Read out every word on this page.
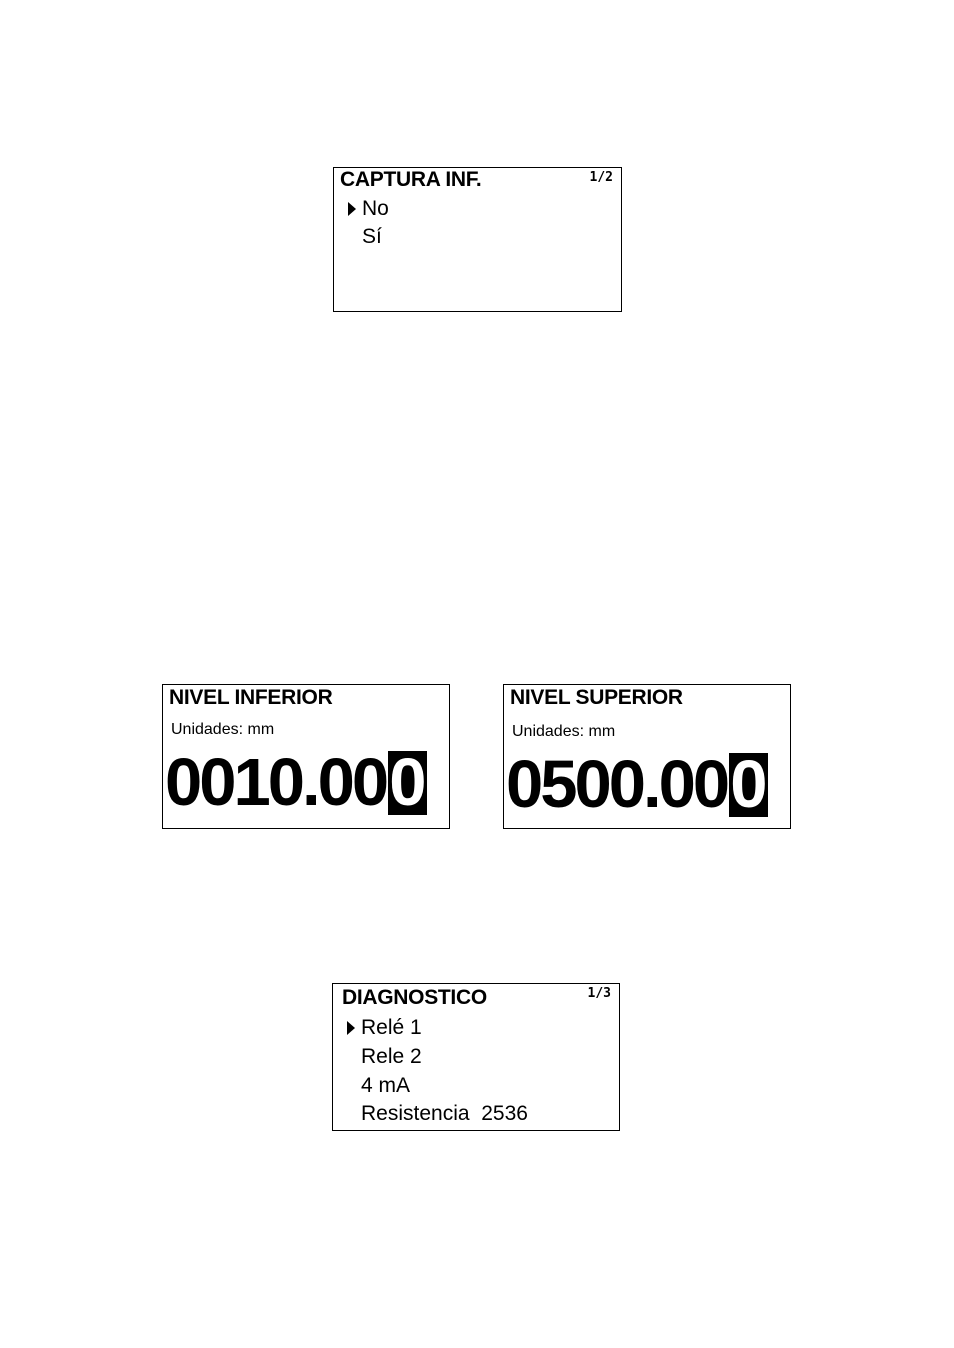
CAPTURA INF.	1/2
No
Sí
NIVEL INFERIOR
Unidades: mm
0010.000
NIVEL SUPERIOR
Unidades: mm
0500.000
DIAGNOSTICO	1/3
Relé 1
Rele 2
4 mA
Resistencia  2536
